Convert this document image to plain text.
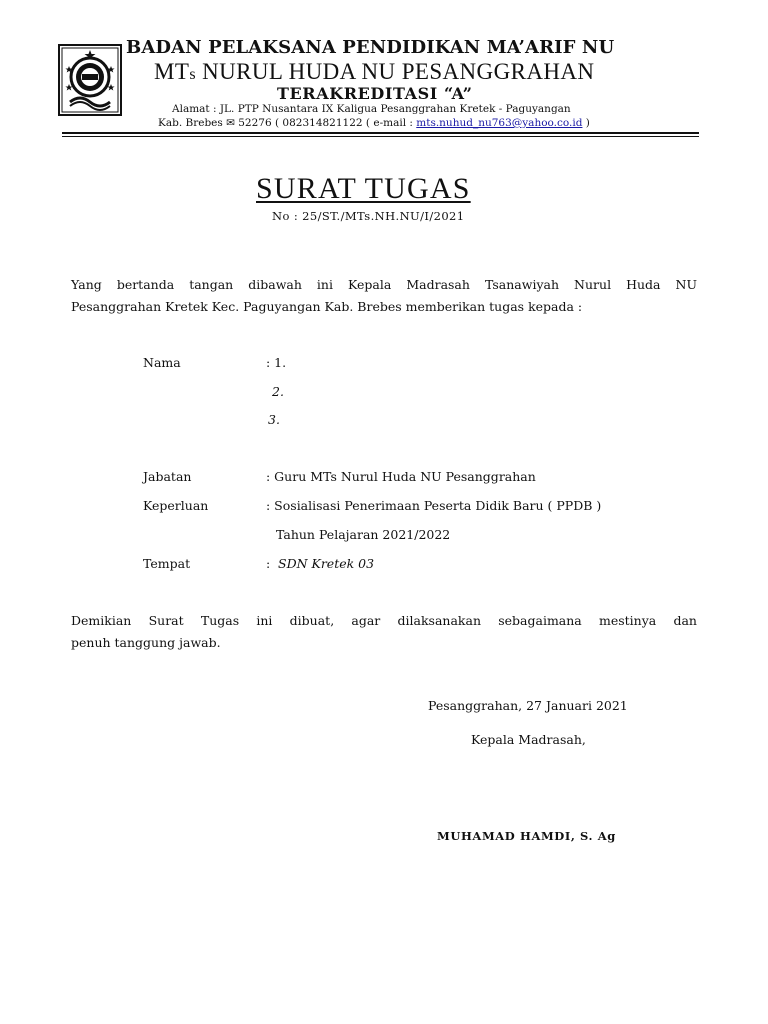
BADAN PELAKSANA PENDIDIKAN MA’ARIF NU
MTs NURUL HUDA NU PESANGGRAHAN
TERAKREDITASI “A”
Alamat : JL. PTP Nusantara IX Kaligua Pesanggrahan Kretek - Paguyangan
Kab. Brebes ✉ 52276 ( 082314821122 ( e-mail : mts.nuhud_nu763@yahoo.co.id )
SURAT TUGAS
No : 25/ST./MTs.NH.NU/I/2021
Yang bertanda tangan dibawah ini Kepala Madrasah Tsanawiyah Nurul Huda NU
Pesanggrahan Kretek Kec. Paguyangan Kab. Brebes memberikan tugas kepada :
Nama	: 1.
2.
3.
Jabatan	: Guru MTs Nurul Huda NU Pesanggrahan
Keperluan	: Sosialisasi Penerimaan Peserta Didik Baru ( PPDB )
Tahun Pelajaran 2021/2022
Tempat	: SDN Kretek 03
Demikian Surat Tugas ini dibuat, agar dilaksanakan sebagaimana mestinya dan
penuh tanggung jawab.
Pesanggrahan, 27 Januari 2021
Kepala Madrasah,
MUHAMAD HAMDI, S. Ag
